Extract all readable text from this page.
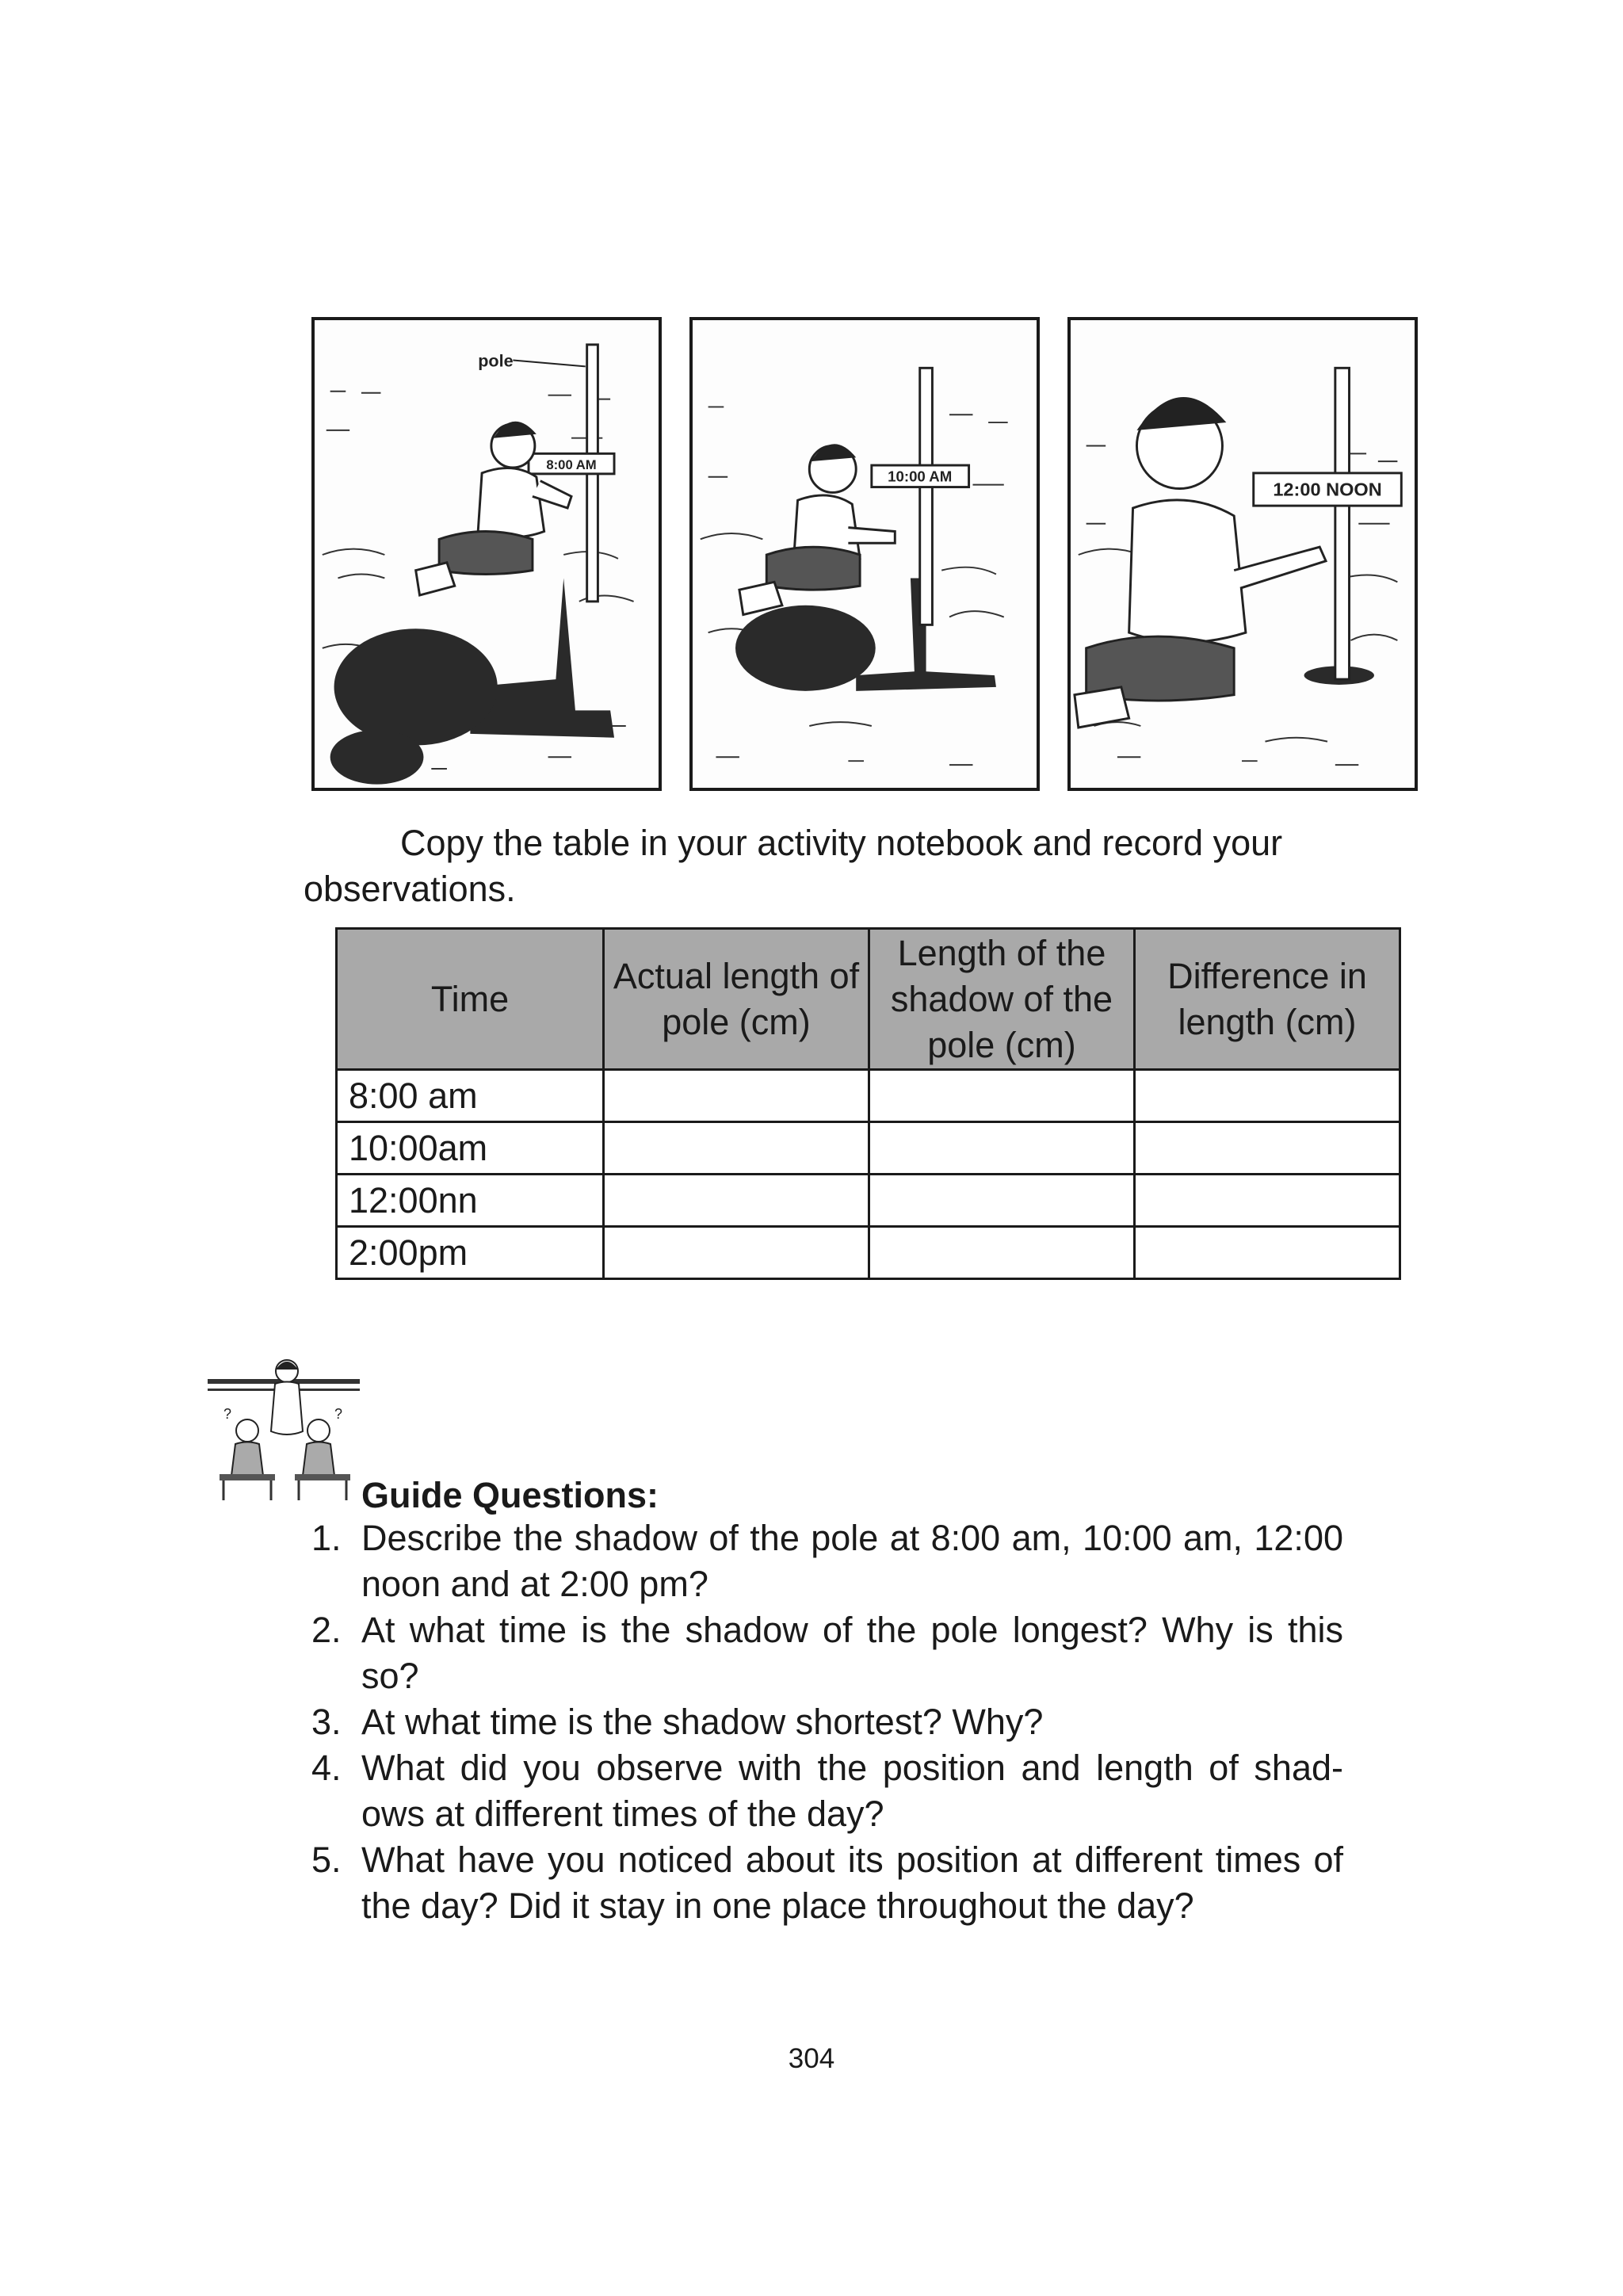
8:00 AM
pole
10:00 AM
12:00 NOON
Copy the table in your activity notebook and record your observations.
Time	Actual length of pole (cm)	Length of the shadow of the pole (cm)	Difference in length (cm)
8:00 am			
10:00am			
12:00nn			
2:00pm			
?	?
Guide Questions:
1. Describe the shadow of the pole at 8:00 am, 10:00 am, 12:00 noon and at 2:00 pm?
2. At what time is the shadow of the pole longest? Why is this so?
3. At what time is the shadow shortest? Why?
4. What did you observe with the position and length of shad-ows at different times of the day?
5. What have you noticed about its position at different times of the day? Did it stay in one place throughout the day?
304
